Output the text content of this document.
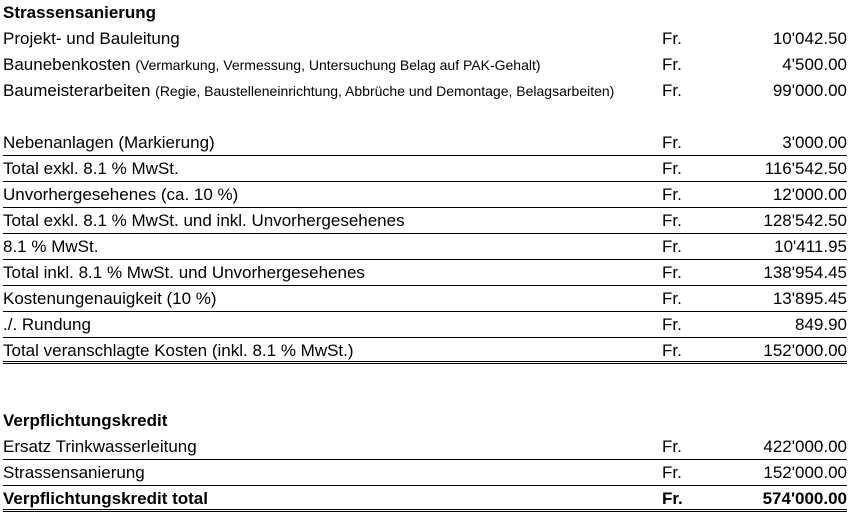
Strassensanierung
Projekt- und Bauleitung	Fr.	10'042.50
Baunebenkosten (Vermarkung, Vermessung, Untersuchung Belag auf PAK-Gehalt)	Fr.	4'500.00
Baumeisterarbeiten (Regie, Baustelleneinrichtung, Abbrüche und Demontage, Belagsarbeiten)	Fr.	99'000.00
Nebenanlagen (Markierung)	Fr.	3'000.00
Total exkl. 8.1 % MwSt.	Fr.	116'542.50
Unvorhergesehenes (ca. 10 %)	Fr.	12'000.00
Total exkl. 8.1 % MwSt. und inkl. Unvorhergesehenes	Fr.	128'542.50
8.1 % MwSt.	Fr.	10'411.95
Total inkl. 8.1 % MwSt. und Unvorhergesehenes	Fr.	138'954.45
Kostenungenauigkeit (10 %)	Fr.	13'895.45
./. Rundung	Fr.	849.90
Total veranschlagte Kosten (inkl. 8.1 % MwSt.)	Fr.	152'000.00
Verpflichtungskredit
Ersatz Trinkwasserleitung	Fr.	422'000.00
Strassensanierung	Fr.	152'000.00
Verpflichtungskredit total	Fr.	574'000.00
